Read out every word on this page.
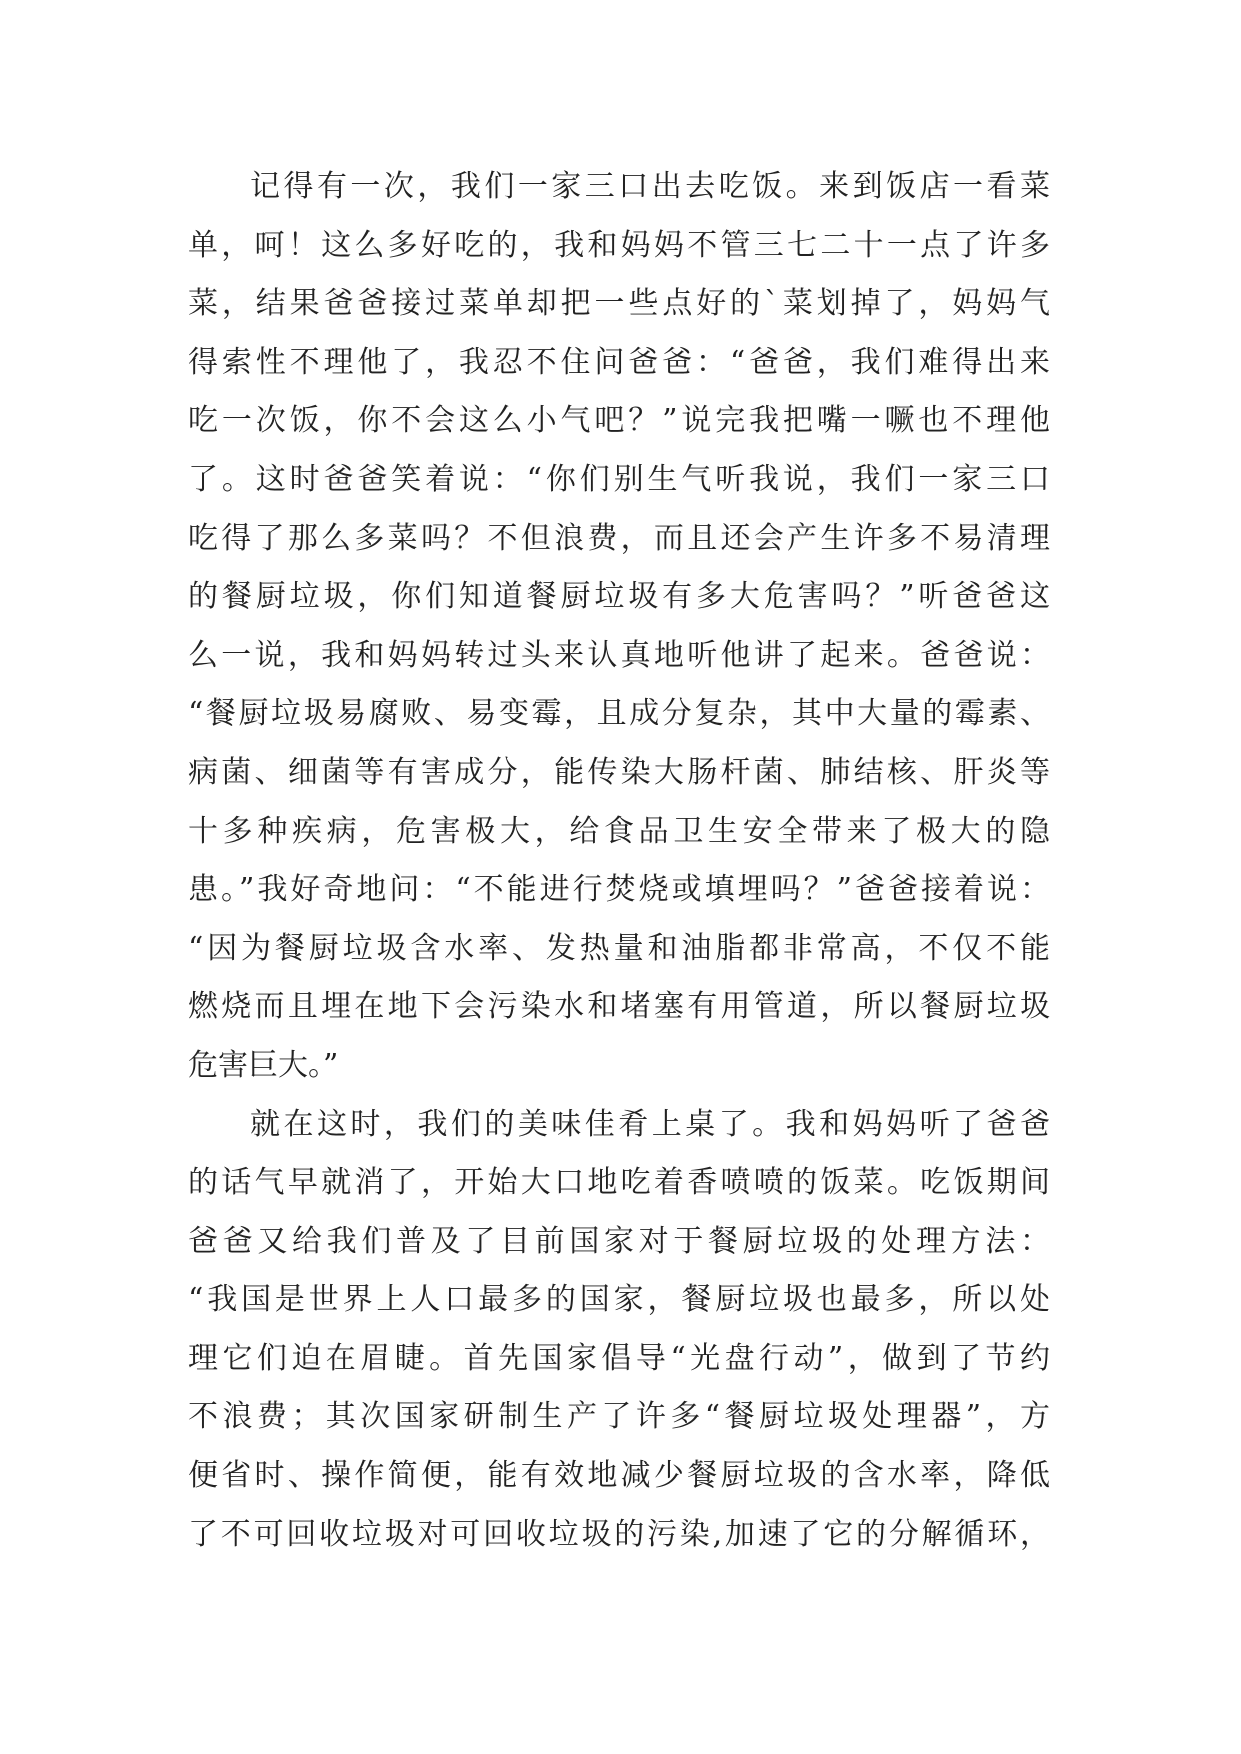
记得有一次，我们一家三口出去吃饭。来到饭店一看菜
单，呵！这么多好吃的，我和妈妈不管三七二十一点了许多
菜，结果爸爸接过菜单却把一些点好的`菜划掉了，妈妈气
得索性不理他了，我忍不住问爸爸：“爸爸，我们难得出来
吃一次饭，你不会这么小气吧？”说完我把嘴一噘也不理他
了。这时爸爸笑着说：“你们别生气听我说，我们一家三口
吃得了那么多菜吗？不但浪费，而且还会产生许多不易清理
的餐厨垃圾，你们知道餐厨垃圾有多大危害吗？”听爸爸这
么一说，我和妈妈转过头来认真地听他讲了起来。爸爸说：
“餐厨垃圾易腐败、易变霉，且成分复杂，其中大量的霉素、
病菌、细菌等有害成分，能传染大肠杆菌、肺结核、肝炎等
十多种疾病，危害极大，给食品卫生安全带来了极大的隐
患。”我好奇地问：“不能进行焚烧或填埋吗？”爸爸接着说：
“因为餐厨垃圾含水率、发热量和油脂都非常高，不仅不能
燃烧而且埋在地下会污染水和堵塞有用管道，所以餐厨垃圾
危害巨大。”
就在这时，我们的美味佳肴上桌了。我和妈妈听了爸爸
的话气早就消了，开始大口地吃着香喷喷的饭菜。吃饭期间
爸爸又给我们普及了目前国家对于餐厨垃圾的处理方法：
“我国是世界上人口最多的国家，餐厨垃圾也最多，所以处
理它们迫在眉睫。首先国家倡导“光盘行动”，做到了节约
不浪费；其次国家研制生产了许多“餐厨垃圾处理器”，方
便省时、操作简便，能有效地减少餐厨垃圾的含水率，降低
了不可回收垃圾对可回收垃圾的污染,加速了它的分解循环，
